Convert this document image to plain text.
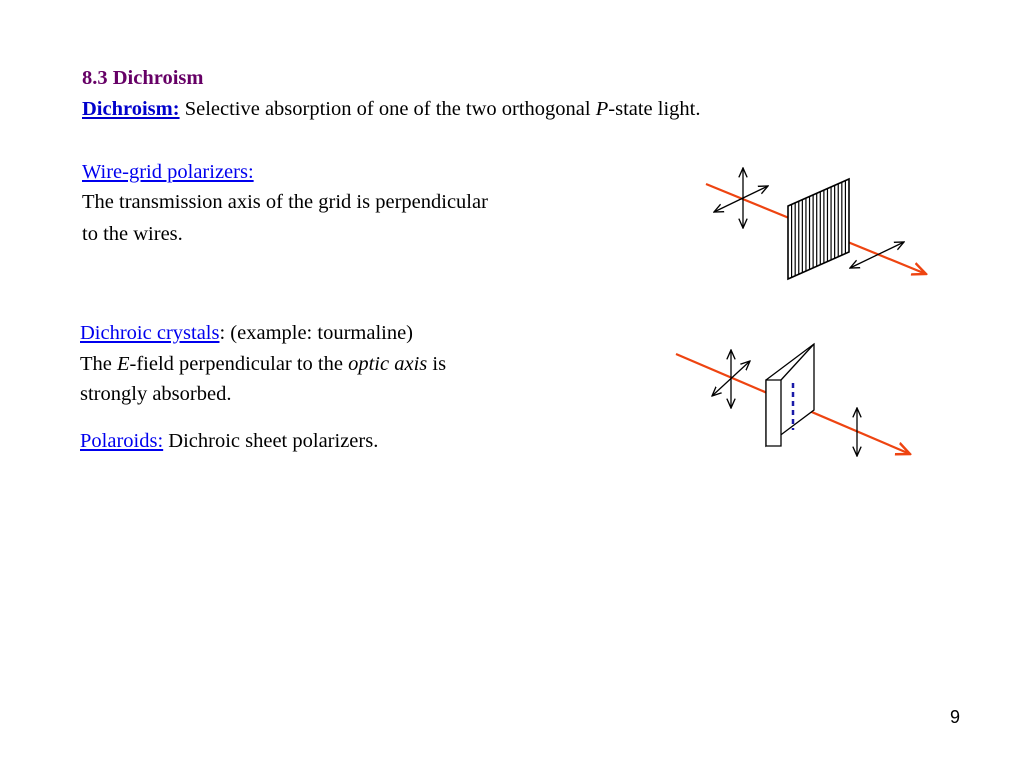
8.3 Dichroism
Dichroism: Selective absorption of one of the two orthogonal P-state light.
Wire-grid polarizers:
The transmission axis of the grid is perpendicular
to the wires.
Dichroic crystals: (example: tourmaline)
The E-field perpendicular to the optic axis is
strongly absorbed.
Polaroids: Dichroic sheet polarizers.
9
